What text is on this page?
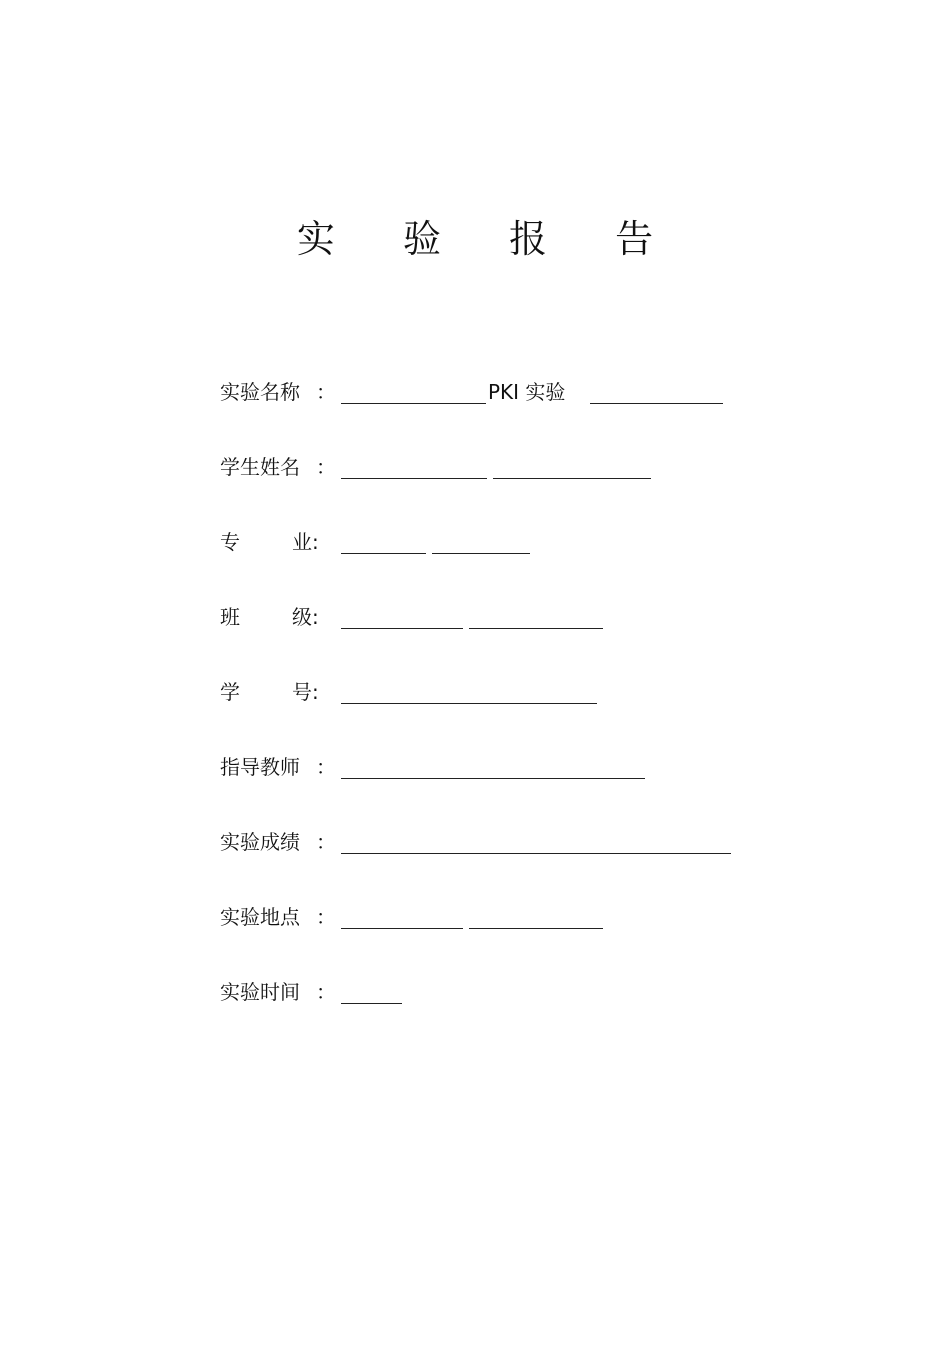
实 验 报 告
实验名称 ：	PKI 实验
学生姓名 ：
专	业 :
班	级 :
学	号 :
指导教师 ：
实验成绩 ：
实验地点 ：
实验时间 ：
